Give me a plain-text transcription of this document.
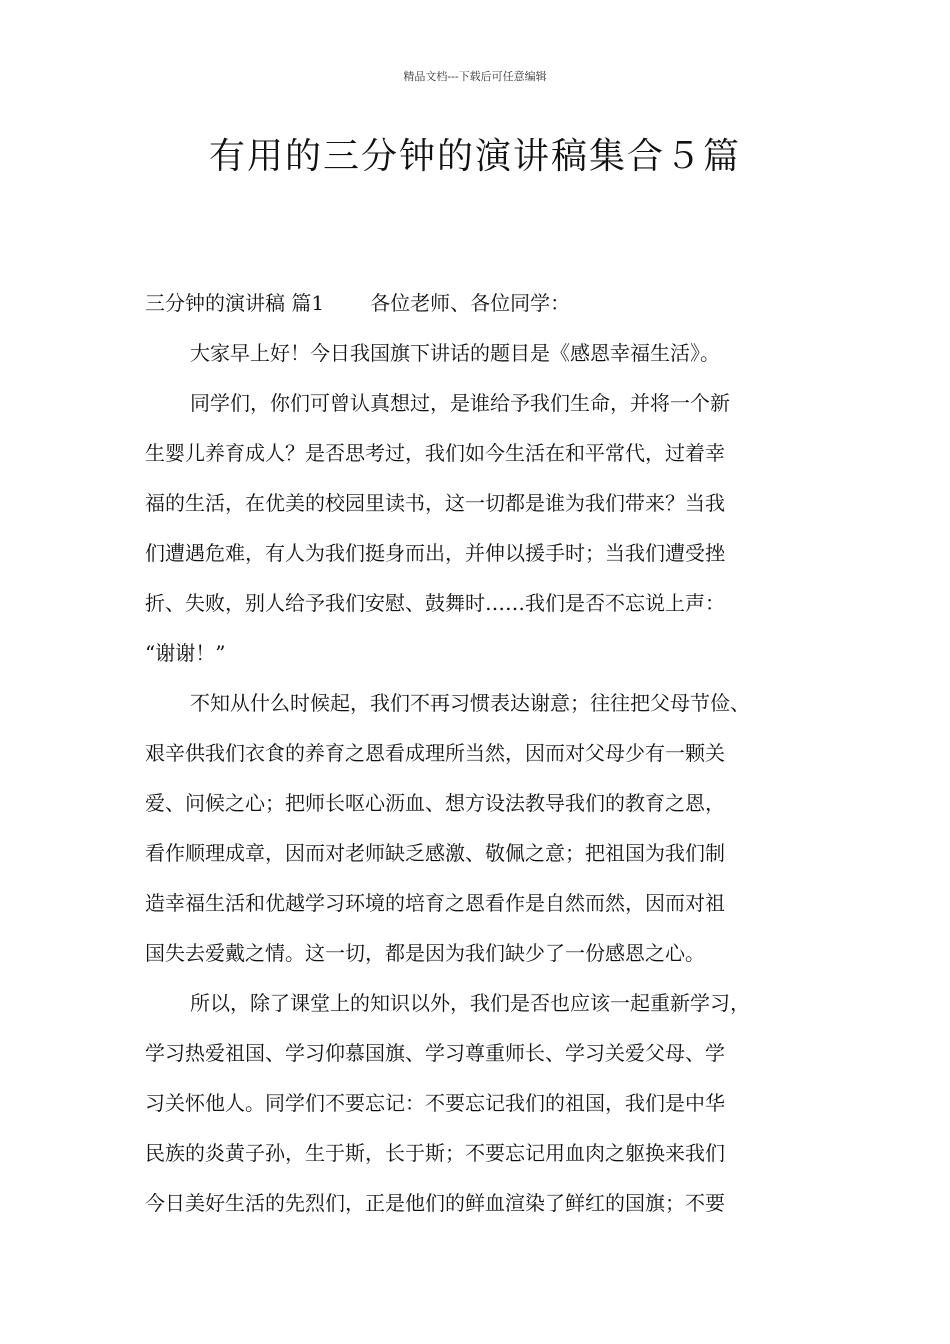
精品文档---下载后可任意编辑
有用的三分钟的演讲稿集合５篇
三分钟的演讲稿 篇1 各位老师、各位同学：
大家早上好！今日我国旗下讲话的题目是《感恩幸福生活》。
同学们，你们可曾认真想过，是谁给予我们生命，并将一个新
生婴儿养育成人？是否思考过，我们如今生活在和平常代，过着幸
福的生活，在优美的校园里读书，这一切都是谁为我们带来？当我
们遭遇危难，有人为我们挺身而出，并伸以援手时；当我们遭受挫
折、失败，别人给予我们安慰、鼓舞时……我们是否不忘说上声：
“谢谢！”
不知从什么时候起，我们不再习惯表达谢意；往往把父母节俭、
艰辛供我们衣食的养育之恩看成理所当然，因而对父母少有一颗关
爱、问候之心；把师长呕心沥血、想方设法教导我们的教育之恩，
看作顺理成章，因而对老师缺乏感激、敬佩之意；把祖国为我们制
造幸福生活和优越学习环境的培育之恩看作是自然而然，因而对祖
国失去爱戴之情。这一切，都是因为我们缺少了一份感恩之心。
所以，除了课堂上的知识以外，我们是否也应该一起重新学习，
学习热爱祖国、学习仰慕国旗、学习尊重师长、学习关爱父母、学
习关怀他人。同学们不要忘记：不要忘记我们的祖国，我们是中华
民族的炎黄子孙，生于斯，长于斯；不要忘记用血肉之躯换来我们
今日美好生活的先烈们，正是他们的鲜血渲染了鲜红的国旗；不要
